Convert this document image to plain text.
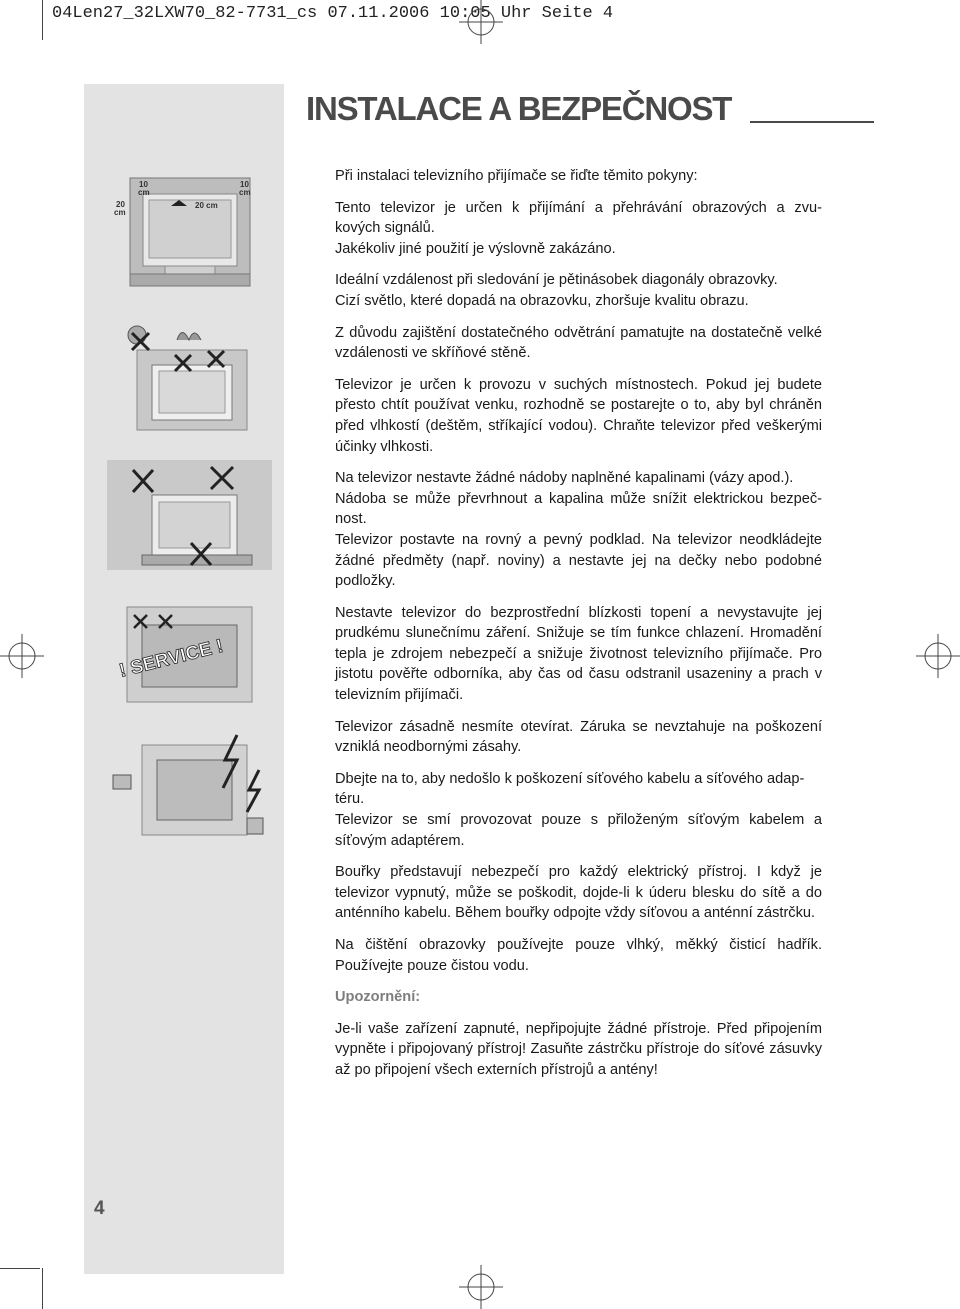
04Len27_32LXW70_82-7731_cs 07.11.2006 10:05 Uhr Seite 4
10
cm
10
cm
20
cm
20 cm
! SERVICE !
INSTALACE A BEZPEČNOST

Při instalaci televizního přijímače se řiďte těmito pokyny:

Tento televizor je určen k přijímání a přehrávání obrazových a zvu-
kových signálů.
Jakékoliv jiné použití je výslovně zakázáno.

Ideální vzdálenost při sledování je pětinásobek diagonály obrazovky.
Cizí světlo, které dopadá na obrazovku, zhoršuje kvalitu obrazu.

Z důvodu zajištění dostatečného odvětrání pamatujte na dostatečně velké vzdálenosti ve skříňové stěně.

Televizor je určen k provozu v suchých místnostech. Pokud jej budete přesto chtít používat venku, rozhodně se postarejte o to, aby byl chráněn před vlhkostí (deštěm, stříkající vodou). Chraňte televizor před veškerými účinky vlhkosti.

Na televizor nestavte žádné nádoby naplněné kapalinami (vázy apod.).
Nádoba se může převrhnout a kapalina může snížit elektrickou bezpeč-
nost.

Televizor postavte na rovný a pevný podklad. Na televizor neodkládejte žádné předměty (např. noviny) a nestavte jej na dečky nebo podobné podložky.

Nestavte televizor do bezprostřední blízkosti topení a nevystavujte jej prudkému slunečnímu záření. Snižuje se tím funkce chlazení. Hromadění tepla je zdrojem nebezpečí a snižuje životnost televizního přijímače. Pro jistotu pověřte odborníka, aby čas od času odstranil usazeniny a prach v televizním přijímači.

Televizor zásadně nesmíte otevírat. Záruka se nevztahuje na poškození vzniklá neodbornými zásahy.

Dbejte na to, aby nedošlo k poškození síťového kabelu a síťového adap-
téru.

Televizor se smí provozovat pouze s přiloženým síťovým kabelem a síťovým adaptérem.

Bouřky představují nebezpečí pro každý elektrický přístroj. I když je televizor vypnutý, může se poškodit, dojde-li k úderu blesku do sítě a do anténního kabelu. Během bouřky odpojte vždy síťovou a anténní zástrčku.

Na čištění obrazovky používejte pouze vlhký, měkký čisticí hadřík. Používejte pouze čistou vodu.

Upozornění:

Je-li vaše zařízení zapnuté, nepřipojujte žádné přístroje. Před připojením vypněte i připojovaný přístroj! Zasuňte zástrčku přístroje do síťové zásuvky až po připojení všech externích přístrojů a antény!

4
